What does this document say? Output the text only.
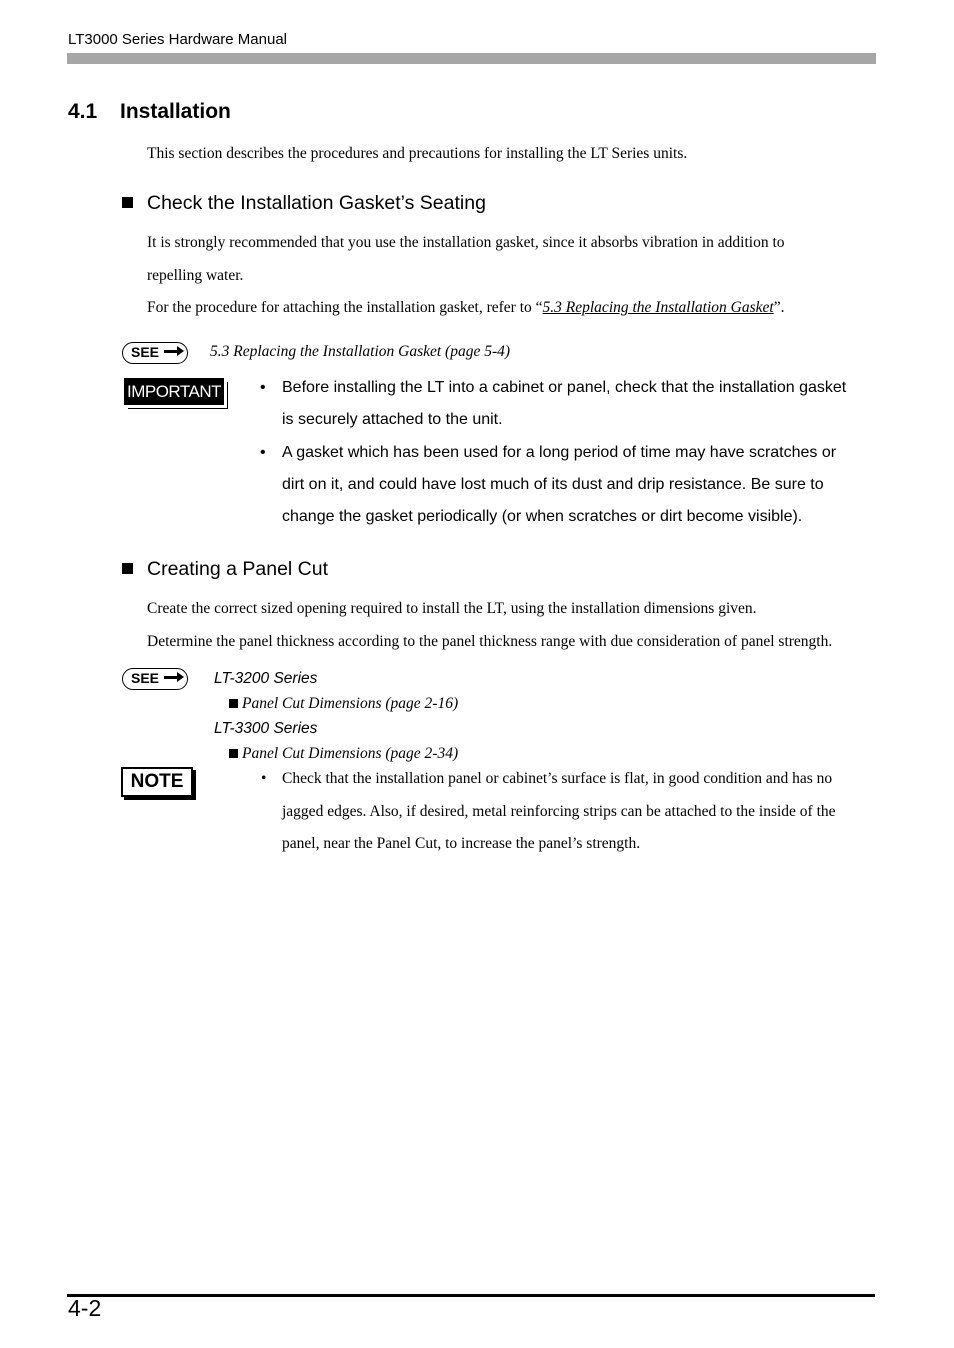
LT3000 Series Hardware Manual
4.1 Installation
This section describes the procedures and precautions for installing the LT Series units.
Check the Installation Gasket’s Seating
It is strongly recommended that you use the installation gasket, since it absorbs vibration in addition to
repelling water.
For the procedure for attaching the installation gasket, refer to “5.3 Replacing the Installation Gasket”.
SEE	5.3 Replacing the Installation Gasket (page 5-4)
IMPORTANT • Before installing the LT into a cabinet or panel, check that the installation gasket
is securely attached to the unit.
• A gasket which has been used for a long period of time may have scratches or
dirt on it, and could have lost much of its dust and drip resistance. Be sure to
change the gasket periodically (or when scratches or dirt become visible).
Creating a Panel Cut
Create the correct sized opening required to install the LT, using the installation dimensions given.
Determine the panel thickness according to the panel thickness range with due consideration of panel strength.
SEE	LT-3200 Series
Panel Cut Dimensions (page 2-16)
LT-3300 Series
Panel Cut Dimensions (page 2-34)
NOTE	• Check that the installation panel or cabinet’s surface is flat, in good condition and has no
jagged edges. Also, if desired, metal reinforcing strips can be attached to the inside of the
panel, near the Panel Cut, to increase the panel’s strength.
4-2
